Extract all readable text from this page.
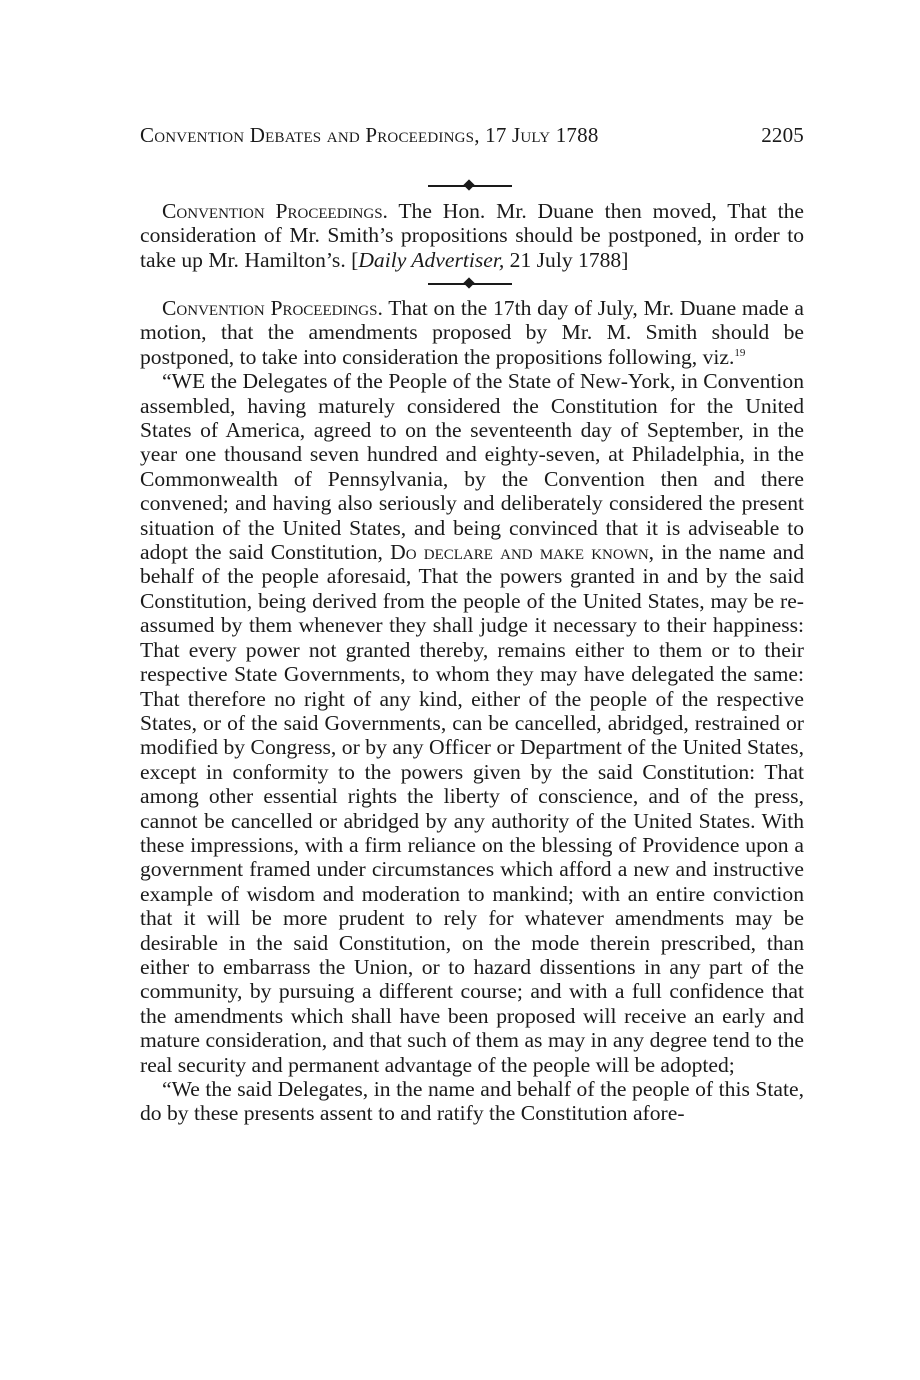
Convention Debates and Proceedings, 17 July 1788	2205

Convention Proceedings. The Hon. Mr. Duane then moved, That the consideration of Mr. Smith’s propositions should be postponed, in order to take up Mr. Hamilton’s. [Daily Advertiser, 21 July 1788]

Convention Proceedings. That on the 17th day of July, Mr. Duane made a motion, that the amendments proposed by Mr. M. Smith should be postponed, to take into consideration the propositions following, viz.$^{19}$

“WE the Delegates of the People of the State of New-York, in Convention assembled, having maturely considered the Constitution for the United States of America, agreed to on the seventeenth day of September, in the year one thousand seven hundred and eighty-seven, at Philadelphia, in the Commonwealth of Pennsylvania, by the Convention then and there convened; and having also seriously and deliberately considered the present situation of the United States, and being convinced that it is adviseable to adopt the said Constitution, Do declare and make known, in the name and behalf of the people aforesaid, That the powers granted in and by the said Constitution, being derived from the people of the United States, may be re-assumed by them whenever they shall judge it necessary to their happiness: That every power not granted thereby, remains either to them or to their respective State Governments, to whom they may have delegated the same: That therefore no right of any kind, either of the people of the respective States, or of the said Governments, can be cancelled, abridged, restrained or modified by Congress, or by any Officer or Department of the United States, except in conformity to the powers given by the said Constitution: That among other essential rights the liberty of conscience, and of the press, cannot be cancelled or abridged by any authority of the United States. With these impressions, with a firm reliance on the blessing of Providence upon a government framed under circumstances which afford a new and instructive example of wisdom and moderation to mankind; with an entire conviction that it will be more prudent to rely for whatever amendments may be desirable in the said Constitution, on the mode therein prescribed, than either to embarrass the Union, or to hazard dissentions in any part of the community, by pursuing a different course; and with a full confidence that the amendments which shall have been proposed will receive an early and mature consideration, and that such of them as may in any degree tend to the real security and permanent advantage of the people will be adopted;

“We the said Delegates, in the name and behalf of the people of this State, do by these presents assent to and ratify the Constitution afore-
